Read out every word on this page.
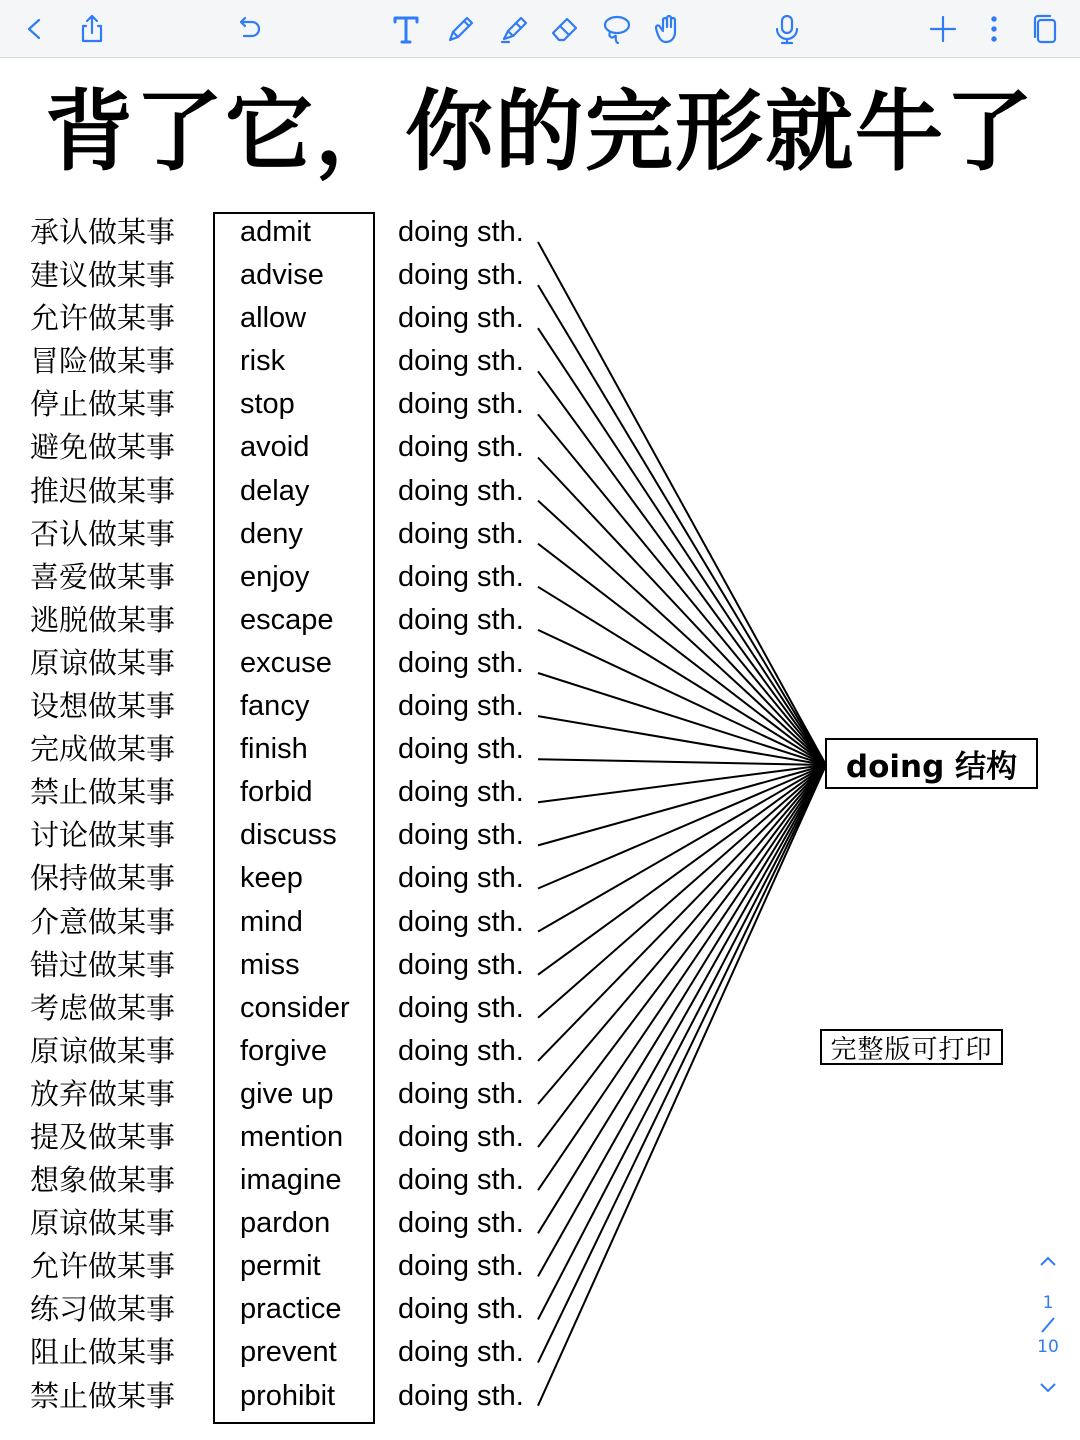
背了它，你的完形就牛了
承认做某事
建议做某事
允许做某事
冒险做某事
停止做某事
避免做某事
推迟做某事
否认做某事
喜爱做某事
逃脱做某事
原谅做某事
设想做某事
完成做某事
禁止做某事
讨论做某事
保持做某事
介意做某事
错过做某事
考虑做某事
原谅做某事
放弃做某事
提及做某事
想象做某事
原谅做某事
允许做某事
练习做某事
阻止做某事
禁止做某事
admit
advise
allow
risk
stop
avoid
delay
deny
enjoy
escape
excuse
fancy
finish
forbid
discuss
keep
mind
miss
consider
forgive
give up
mention
imagine
pardon
permit
practice
prevent
prohibit
doing sth.
doing sth.
doing sth.
doing sth.
doing sth.
doing sth.
doing sth.
doing sth.
doing sth.
doing sth.
doing sth.
doing sth.
doing sth.
doing sth.
doing sth.
doing sth.
doing sth.
doing sth.
doing sth.
doing sth.
doing sth.
doing sth.
doing sth.
doing sth.
doing sth.
doing sth.
doing sth.
doing sth.
doing 结构
完整版可打印
1
10
